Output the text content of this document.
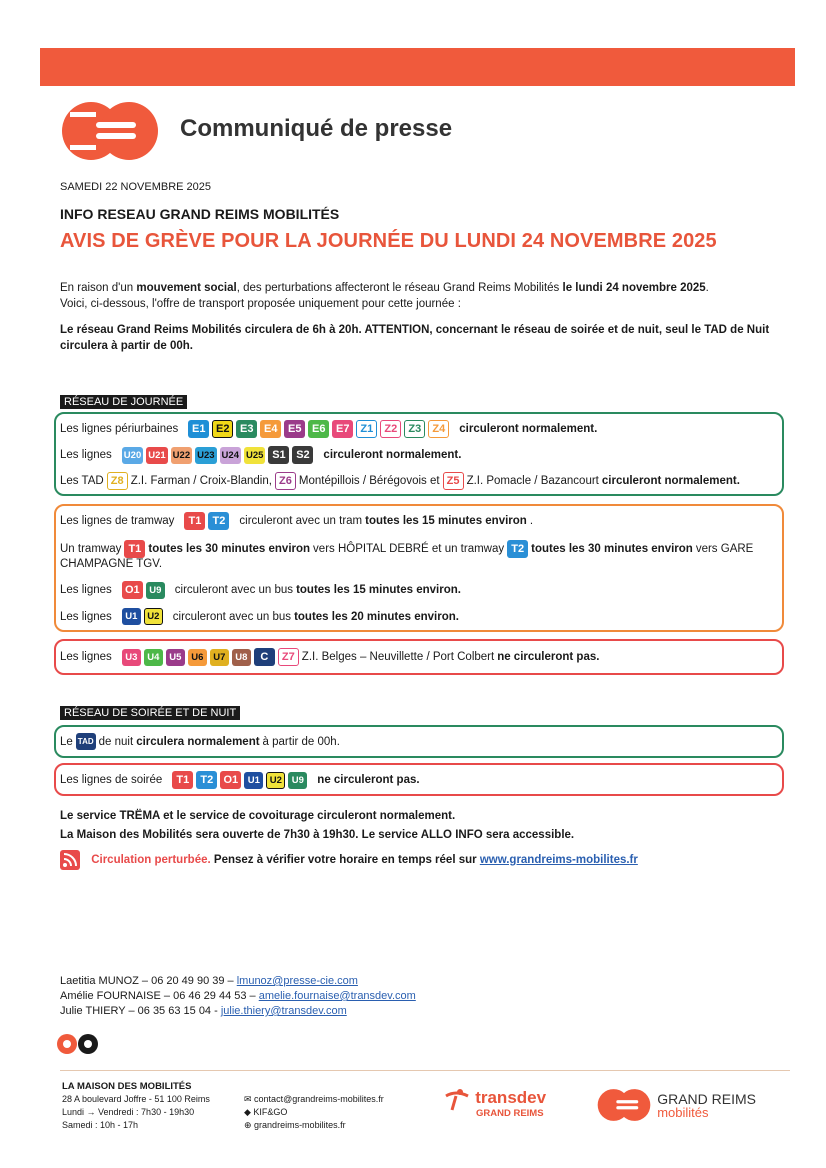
Communiqué de presse
SAMEDI 22 NOVEMBRE 2025
INFO RESEAU GRAND REIMS MOBILITÉS
AVIS DE GRÈVE POUR LA JOURNÉE DU LUNDI 24 NOVEMBRE 2025
En raison d'un mouvement social, des perturbations affecteront le réseau Grand Reims Mobilités le lundi 24 novembre 2025.
Voici, ci-dessous, l'offre de transport proposée uniquement pour cette journée :
Le réseau Grand Reims Mobilités circulera de 6h à 20h. ATTENTION, concernant le réseau de soirée et de nuit, seul le TAD de Nuit circulera à partir de 00h.
RÉSEAU DE JOURNÉE
Les lignes périurbaines	E1 E2 E3 E4 E5 E6 E7 Z1	Z2	Z3	Z4	circuleront normalement.
Les lignes U20 U21 U22 U23 U24 U25 S1 S2	circuleront normalement.
Les TAD Z8 Z.I. Farman / Croix-Blandin, Z6 Montépillois / Bérégovois et Z5 Z.I. Pomacle / Bazancourt circuleront normalement.
Les lignes de tramway	T1	T2	circuleront avec un tram toutes les 15 minutes environ .
Un tramway T1 toutes les 30 minutes environ vers HÔPITAL DEBRÉ et un tramway T2 toutes les 30 minutes environ vers GARE
CHAMPAGNE TGV.
Les lignes O1	U9 circuleront avec un bus toutes les 15 minutes environ.
Les lignes	U1	U2 circuleront avec un bus toutes les 20 minutes environ.
Les lignes	U3	U4	U5	U6	U7	U8	C	Z7 Z.I. Belges – Neuvillette / Port Colbert ne circuleront pas.
RÉSEAU DE SOIRÉE ET DE NUIT
Le TAD de nuit circulera normalement à partir de 00h.
Les lignes de soirée	T1	T2 O1	U1	U2	U9 ne circuleront pas.
Le service TRËMA et le service de covoiturage circuleront normalement.
La Maison des Mobilités sera ouverte de 7h30 à 19h30. Le service ALLO INFO sera accessible.
Circulation perturbée. Pensez à vérifier votre horaire en temps réel sur www.grandreims-mobilites.fr
Laetitia MUNOZ – 06 20 49 90 39 – lmunoz@presse-cie.com
Amélie FOURNAISE – 06 46 29 44 53 – amelie.fournaise@transdev.com
Julie THIERY – 06 35 63 15 04 - julie.thiery@transdev.com
LA MAISON DES MOBILITÉS
28 A boulevard Joffre - 51 100 Reims
Lundi → Vendredi : 7h30 - 19h30
Samedi : 10h - 17h
✉ contact@grandreims-mobilites.fr
◆ KIF&GO
⊕ grandreims-mobilites.fr
transdev
GRAND REIMS

GRAND REIMS
mobilités
